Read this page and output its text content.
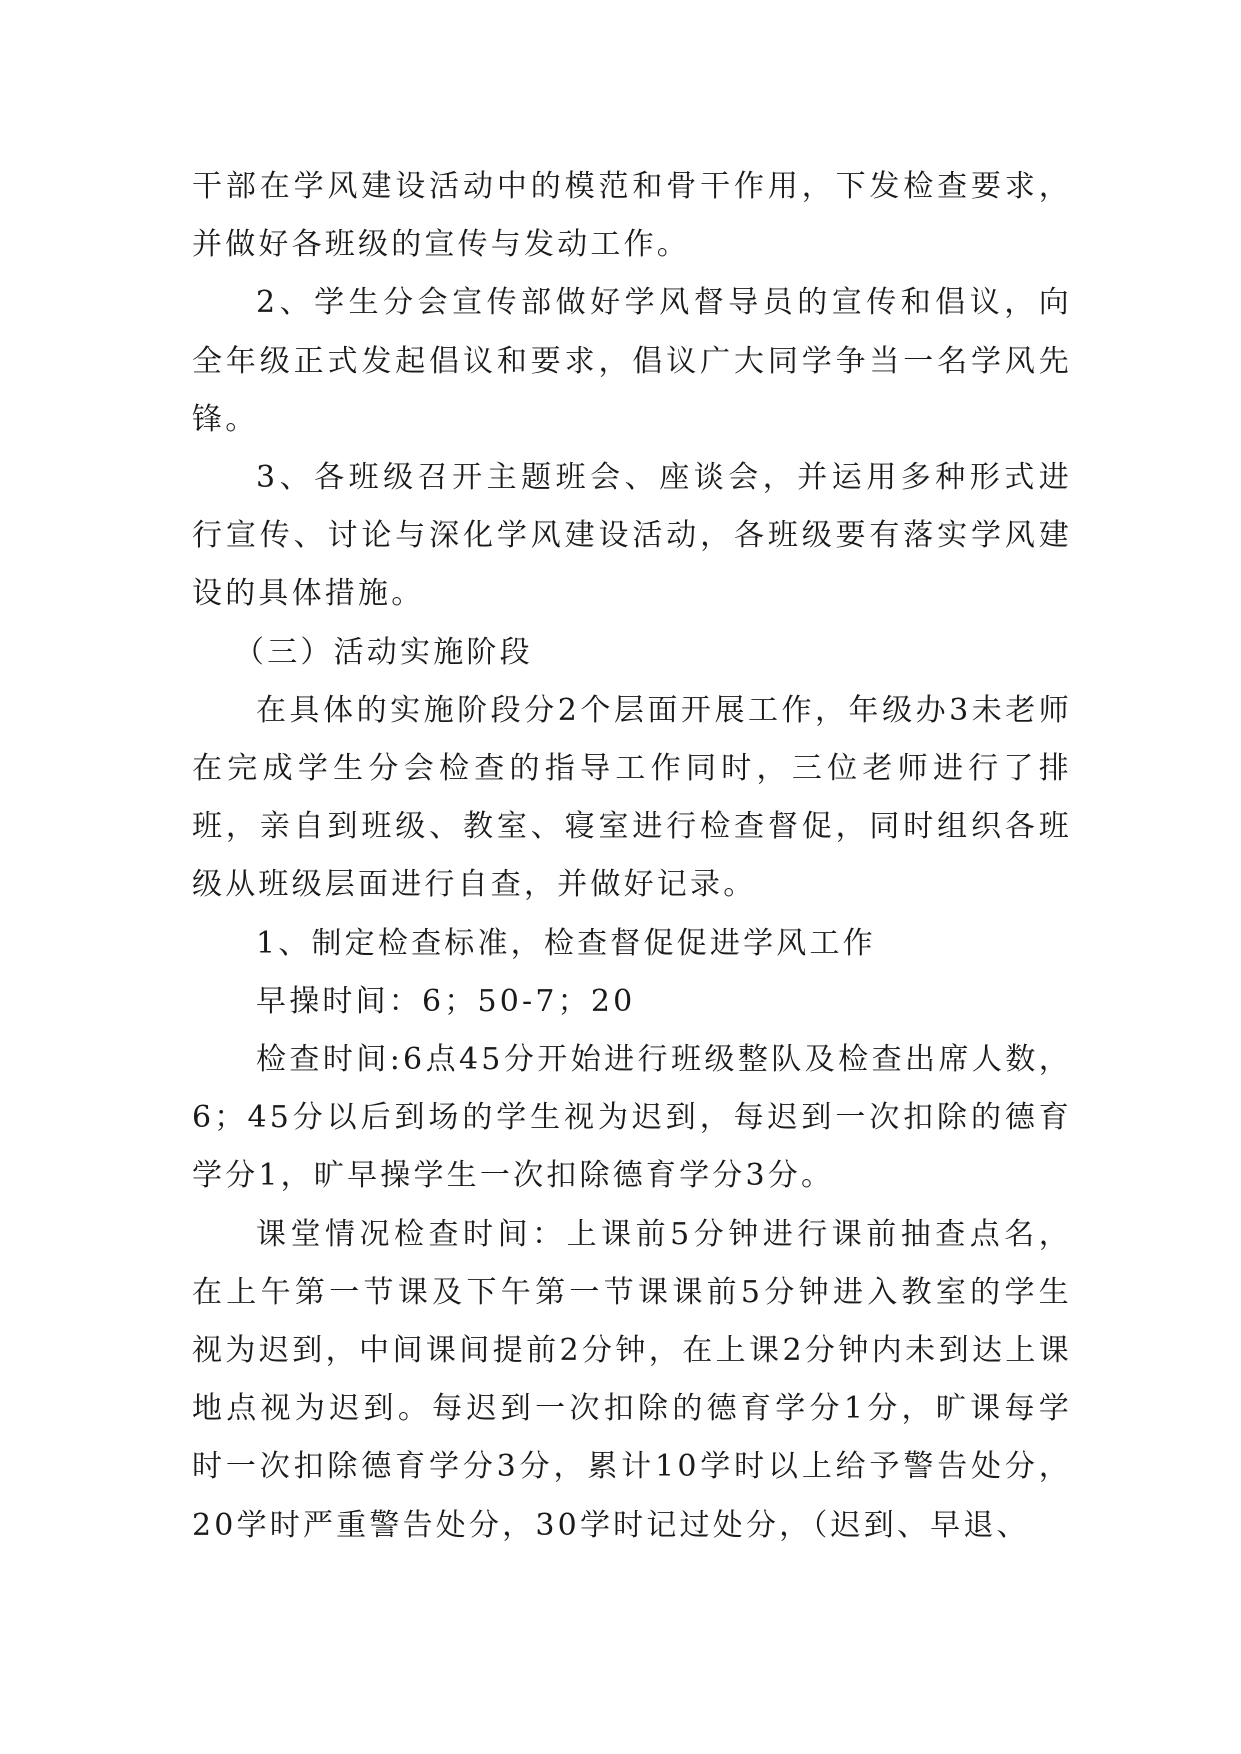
干部在学风建设活动中的模范和骨干作用，下发检查要求，并做好各班级的宣传与发动工作。

2、学生分会宣传部做好学风督导员的宣传和倡议，向全年级正式发起倡议和要求，倡议广大同学争当一名学风先锋。

3、各班级召开主题班会、座谈会，并运用多种形式进行宣传、讨论与深化学风建设活动，各班级要有落实学风建设的具体措施。

（三）活动实施阶段

在具体的实施阶段分2个层面开展工作，年级办3未老师在完成学生分会检查的指导工作同时，三位老师进行了排班，亲自到班级、教室、寝室进行检查督促，同时组织各班级从班级层面进行自查，并做好记录。

1、制定检查标准，检查督促促进学风工作

早操时间：6；50-7；20

检查时间:6点45分开始进行班级整队及检查出席人数，6；45分以后到场的学生视为迟到，每迟到一次扣除的德育学分1，旷早操学生一次扣除德育学分3分。

课堂情况检查时间：上课前5分钟进行课前抽查点名，在上午第一节课及下午第一节课课前5分钟进入教室的学生视为迟到，中间课间提前2分钟，在上课2分钟内未到达上课地点视为迟到。每迟到一次扣除的德育学分1分，旷课每学时一次扣除德育学分3分，累计10学时以上给予警告处分，20学时严重警告处分，30学时记过处分，（迟到、早退、
